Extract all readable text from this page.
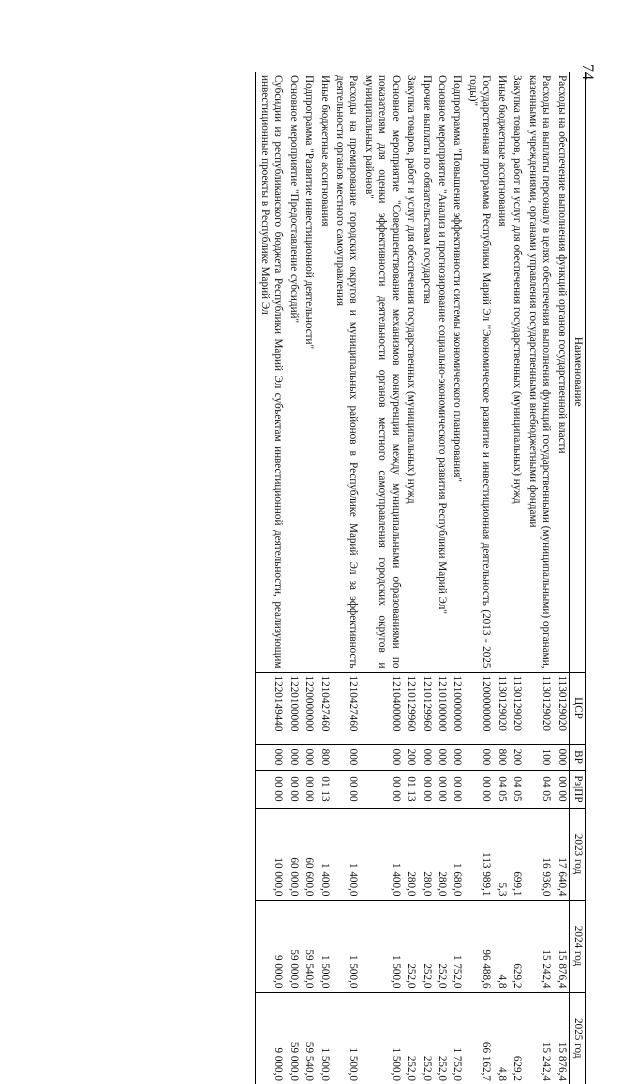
74
Наименование	ЦСР	ВР	Рз|ПР	2023 год	2024 год	2025 год
Расходы на обеспечение выполнения функций органов государственной власти	1130129020	000	00 00	17 640,4	15 876,4	15 876,4
Расходы на выплаты персоналу в целях обеспечения выполнения функций государственными (муниципальными) органами, казенными учреждениями, органами управления государственными внебюджетными фондами	1130129020	100	04 05	16 936,0	15 242,4	15 242,4
Закупка товаров, работ и услуг для обеспечения государственных (муниципальных) нужд	1130129020	200	04 05	699,1	629,2	629,2
Иные бюджетные ассигнования	1130129020	800	04 05	5,3	4,8	4,8
Государственная программа Республики Марий Эл "Экономическое развитие и инвестиционная деятельность (2013 - 2025 годы)"	1200000000	000	00 00	113 989,1	96 488,6	66 162,7
Подпрограмма "Повышение эффективности системы экономического планирования"	1210000000	000	00 00	1 680,0	1 752,0	1 752,0
Основное мероприятие "Анализ и прогнозирование социально-экономического развития Республики Марий Эл"	1210100000	000	00 00	280,0	252,0	252,0
Прочие выплаты по обязательствам государства	1210129960	000	00 00	280,0	252,0	252,0
Закупка товаров, работ и услуг для обеспечения государственных (муниципальных) нужд	1210129960	200	01 13	280,0	252,0	252,0
Основное мероприятие "Совершенствование механизмов конкуренции между муниципальными образованиями по показателям для оценки эффективности деятельности органов местного самоуправления городских округов и муниципальных районов"	1210400000	000	00 00	1 400,0	1 500,0	1 500,0
Расходы на премирование городских округов и муниципальных районов в Республике Марий Эл за эффективность деятельности органов местного самоуправления	1210427460	000	00 00	1 400,0	1 500,0	1 500,0
Иные бюджетные ассигнования	1210427460	800	01 13	1 400,0	1 500,0	1 500,0
Подпрограмма "Развитие инвестиционной деятельности"	1220000000	000	00 00	60 600,0	59 540,0	59 540,0
Основное мероприятие "Предоставление субсидий"	1220100000	000	00 00	60 000,0	59 000,0	59 000,0
Субсидии из республиканского бюджета Республики Марий Эл субъектам инвестиционной деятельности, реализующим инвестиционные проекты в Республике Марий Эл	1220149440	000	00 00	10 000,0	9 000,0	9 000,0
